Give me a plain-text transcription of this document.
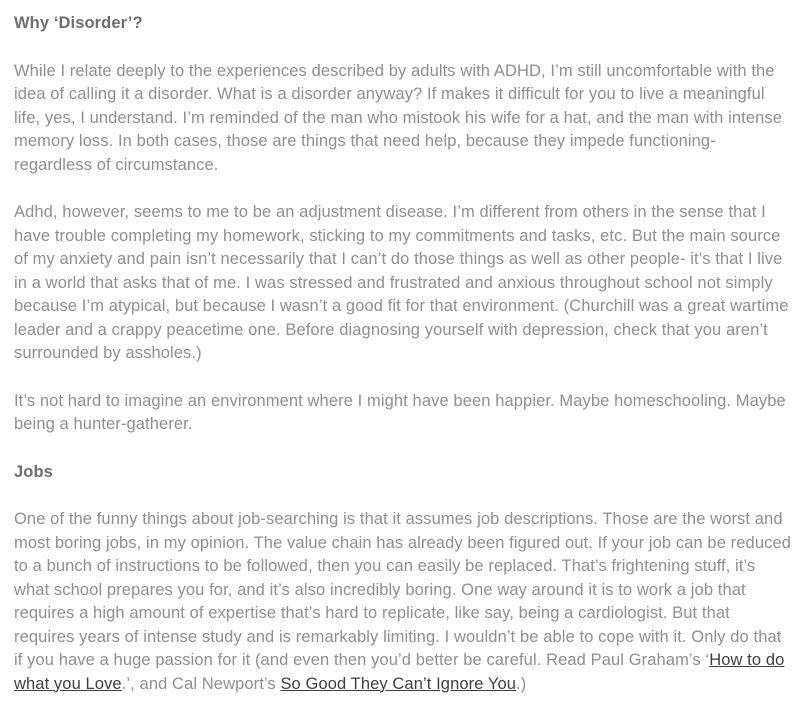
Why ‘Disorder’?

While I relate deeply to the experiences described by adults with ADHD, I’m still uncomfortable with the idea of calling it a disorder. What is a disorder anyway? If makes it difficult for you to live a meaningful life, yes, I understand. I’m reminded of the man who mistook his wife for a hat, and the man with intense memory loss. In both cases, those are things that need help, because they impede functioning- regardless of circumstance.

Adhd, however, seems to me to be an adjustment disease. I’m different from others in the sense that I have trouble completing my homework, sticking to my commitments and tasks, etc. But the main source of my anxiety and pain isn’t necessarily that I can’t do those things as well as other people- it’s that I live in a world that asks that of me. I was stressed and frustrated and anxious throughout school not simply because I’m atypical, but because I wasn’t a good fit for that environment. (Churchill was a great wartime leader and a crappy peacetime one. Before diagnosing yourself with depression, check that you aren’t surrounded by assholes.)

It’s not hard to imagine an environment where I might have been happier. Maybe homeschooling. Maybe being a hunter-gatherer.

Jobs

One of the funny things about job-searching is that it assumes job descriptions. Those are the worst and most boring jobs, in my opinion. The value chain has already been figured out. If your job can be reduced to a bunch of instructions to be followed, then you can easily be replaced. That’s frightening stuff, it’s what school prepares you for, and it’s also incredibly boring. One way around it is to work a job that requires a high amount of expertise that’s hard to replicate, like say, being a cardiologist. But that requires years of intense study and is remarkably limiting. I wouldn’t be able to cope with it. Only do that if you have a huge passion for it (and even then you’d better be careful. Read Paul Graham’s ‘How to do what you Love.’, and Cal Newport’s So Good They Can’t Ignore You.)
